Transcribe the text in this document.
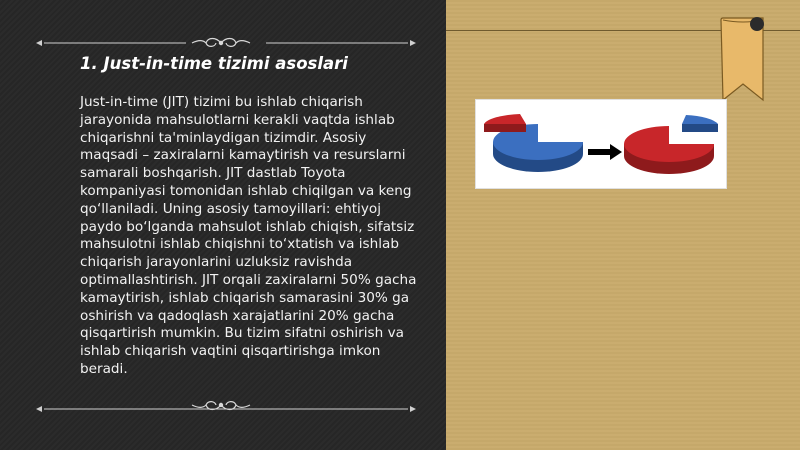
1. Just-in-time tizimi asoslari
Just-in-time (JIT) tizimi bu ishlab chiqarish jarayonida mahsulotlarni kerakli vaqtda ishlab chiqarishni ta'minlaydigan tizimdir. Asosiy maqsadi – zaxiralarni kamaytirish va resurslarni samarali boshqarish. JIT dastlab Toyota kompaniyasi tomonidan ishlab chiqilgan va keng qo‘llaniladi. Uning asosiy tamoyillari: ehtiyoj paydo bo‘lganda mahsulot ishlab chiqish, sifatsiz mahsulotni ishlab chiqishni to‘xtatish va ishlab chiqarish jarayonlarini uzluksiz ravishda optimallashtirish. JIT orqali zaxiralarni 50% gacha kamaytirish, ishlab chiqarish samarasini 30% ga oshirish va qadoqlash xarajatlarini 20% gacha qisqartirish mumkin. Bu tizim sifatni oshirish va ishlab chiqarish vaqtini qisqartirishga imkon beradi.
